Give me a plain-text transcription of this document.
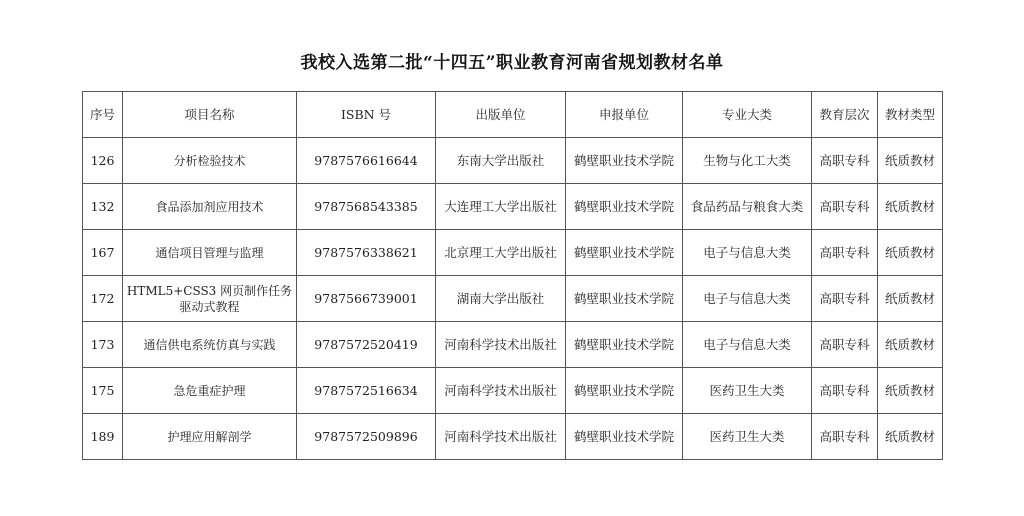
我校入选第二批“十四五”职业教育河南省规划教材名单
序号	项目名称	ISBN 号	出版单位	申报单位	专业大类	教育层次	教材类型
126	分析检验技术	9787576616644	东南大学出版社	鹤壁职业技术学院	生物与化工大类	高职专科	纸质教材
132	食品添加剂应用技术	9787568543385	大连理工大学出版社	鹤壁职业技术学院	食品药品与粮食大类	高职专科	纸质教材
167	通信项目管理与监理	9787576338621	北京理工大学出版社	鹤壁职业技术学院	电子与信息大类	高职专科	纸质教材
172	HTML5+CSS3 网页制作任务驱动式教程	9787566739001	湖南大学出版社	鹤壁职业技术学院	电子与信息大类	高职专科	纸质教材
173	通信供电系统仿真与实践	9787572520419	河南科学技术出版社	鹤壁职业技术学院	电子与信息大类	高职专科	纸质教材
175	急危重症护理	9787572516634	河南科学技术出版社	鹤壁职业技术学院	医药卫生大类	高职专科	纸质教材
189	护理应用解剖学	9787572509896	河南科学技术出版社	鹤壁职业技术学院	医药卫生大类	高职专科	纸质教材
